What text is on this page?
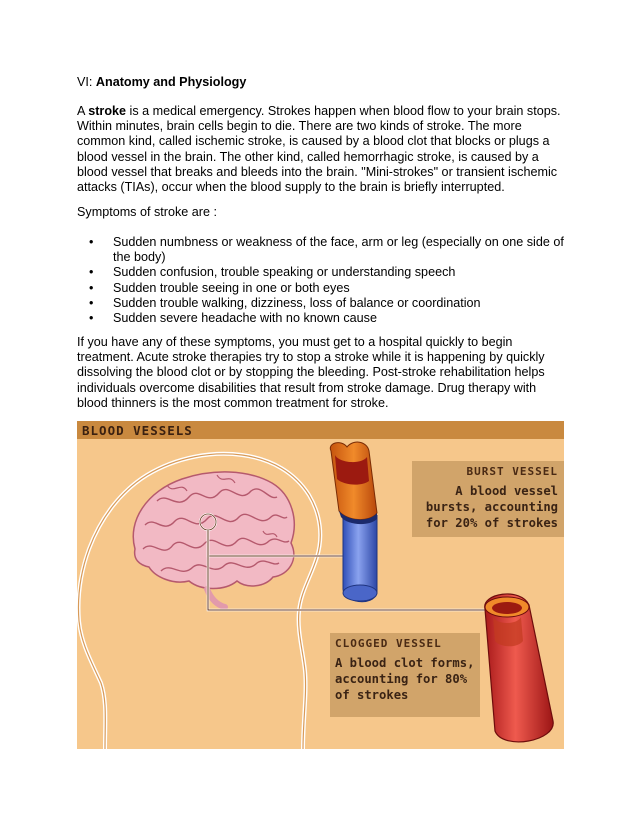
VI: Anatomy and Physiology
A stroke is a medical emergency. Strokes happen when blood flow to your brain stops. Within minutes, brain cells begin to die. There are two kinds of stroke. The more common kind, called ischemic stroke, is caused by a blood clot that blocks or plugs a blood vessel in the brain. The other kind, called hemorrhagic stroke, is caused by a blood vessel that breaks and bleeds into the brain. "Mini-strokes" or transient ischemic attacks (TIAs), occur when the blood supply to the brain is briefly interrupted.
Symptoms of stroke are :
• Sudden numbness or weakness of the face, arm or leg (especially on one side of the body)
• Sudden confusion, trouble speaking or understanding speech
• Sudden trouble seeing in one or both eyes
• Sudden trouble walking, dizziness, loss of balance or coordination
• Sudden severe headache with no known cause
If you have any of these symptoms, you must get to a hospital quickly to begin treatment. Acute stroke therapies try to stop a stroke while it is happening by quickly dissolving the blood clot or by stopping the bleeding. Post-stroke rehabilitation helps individuals overcome disabilities that result from stroke damage. Drug therapy with blood thinners is the most common treatment for stroke.
BLOOD VESSELS
BURST VESSEL
A blood vessel bursts, accounting for 20% of strokes
CLOGGED VESSEL
A blood clot forms, accounting for 80% of strokes
